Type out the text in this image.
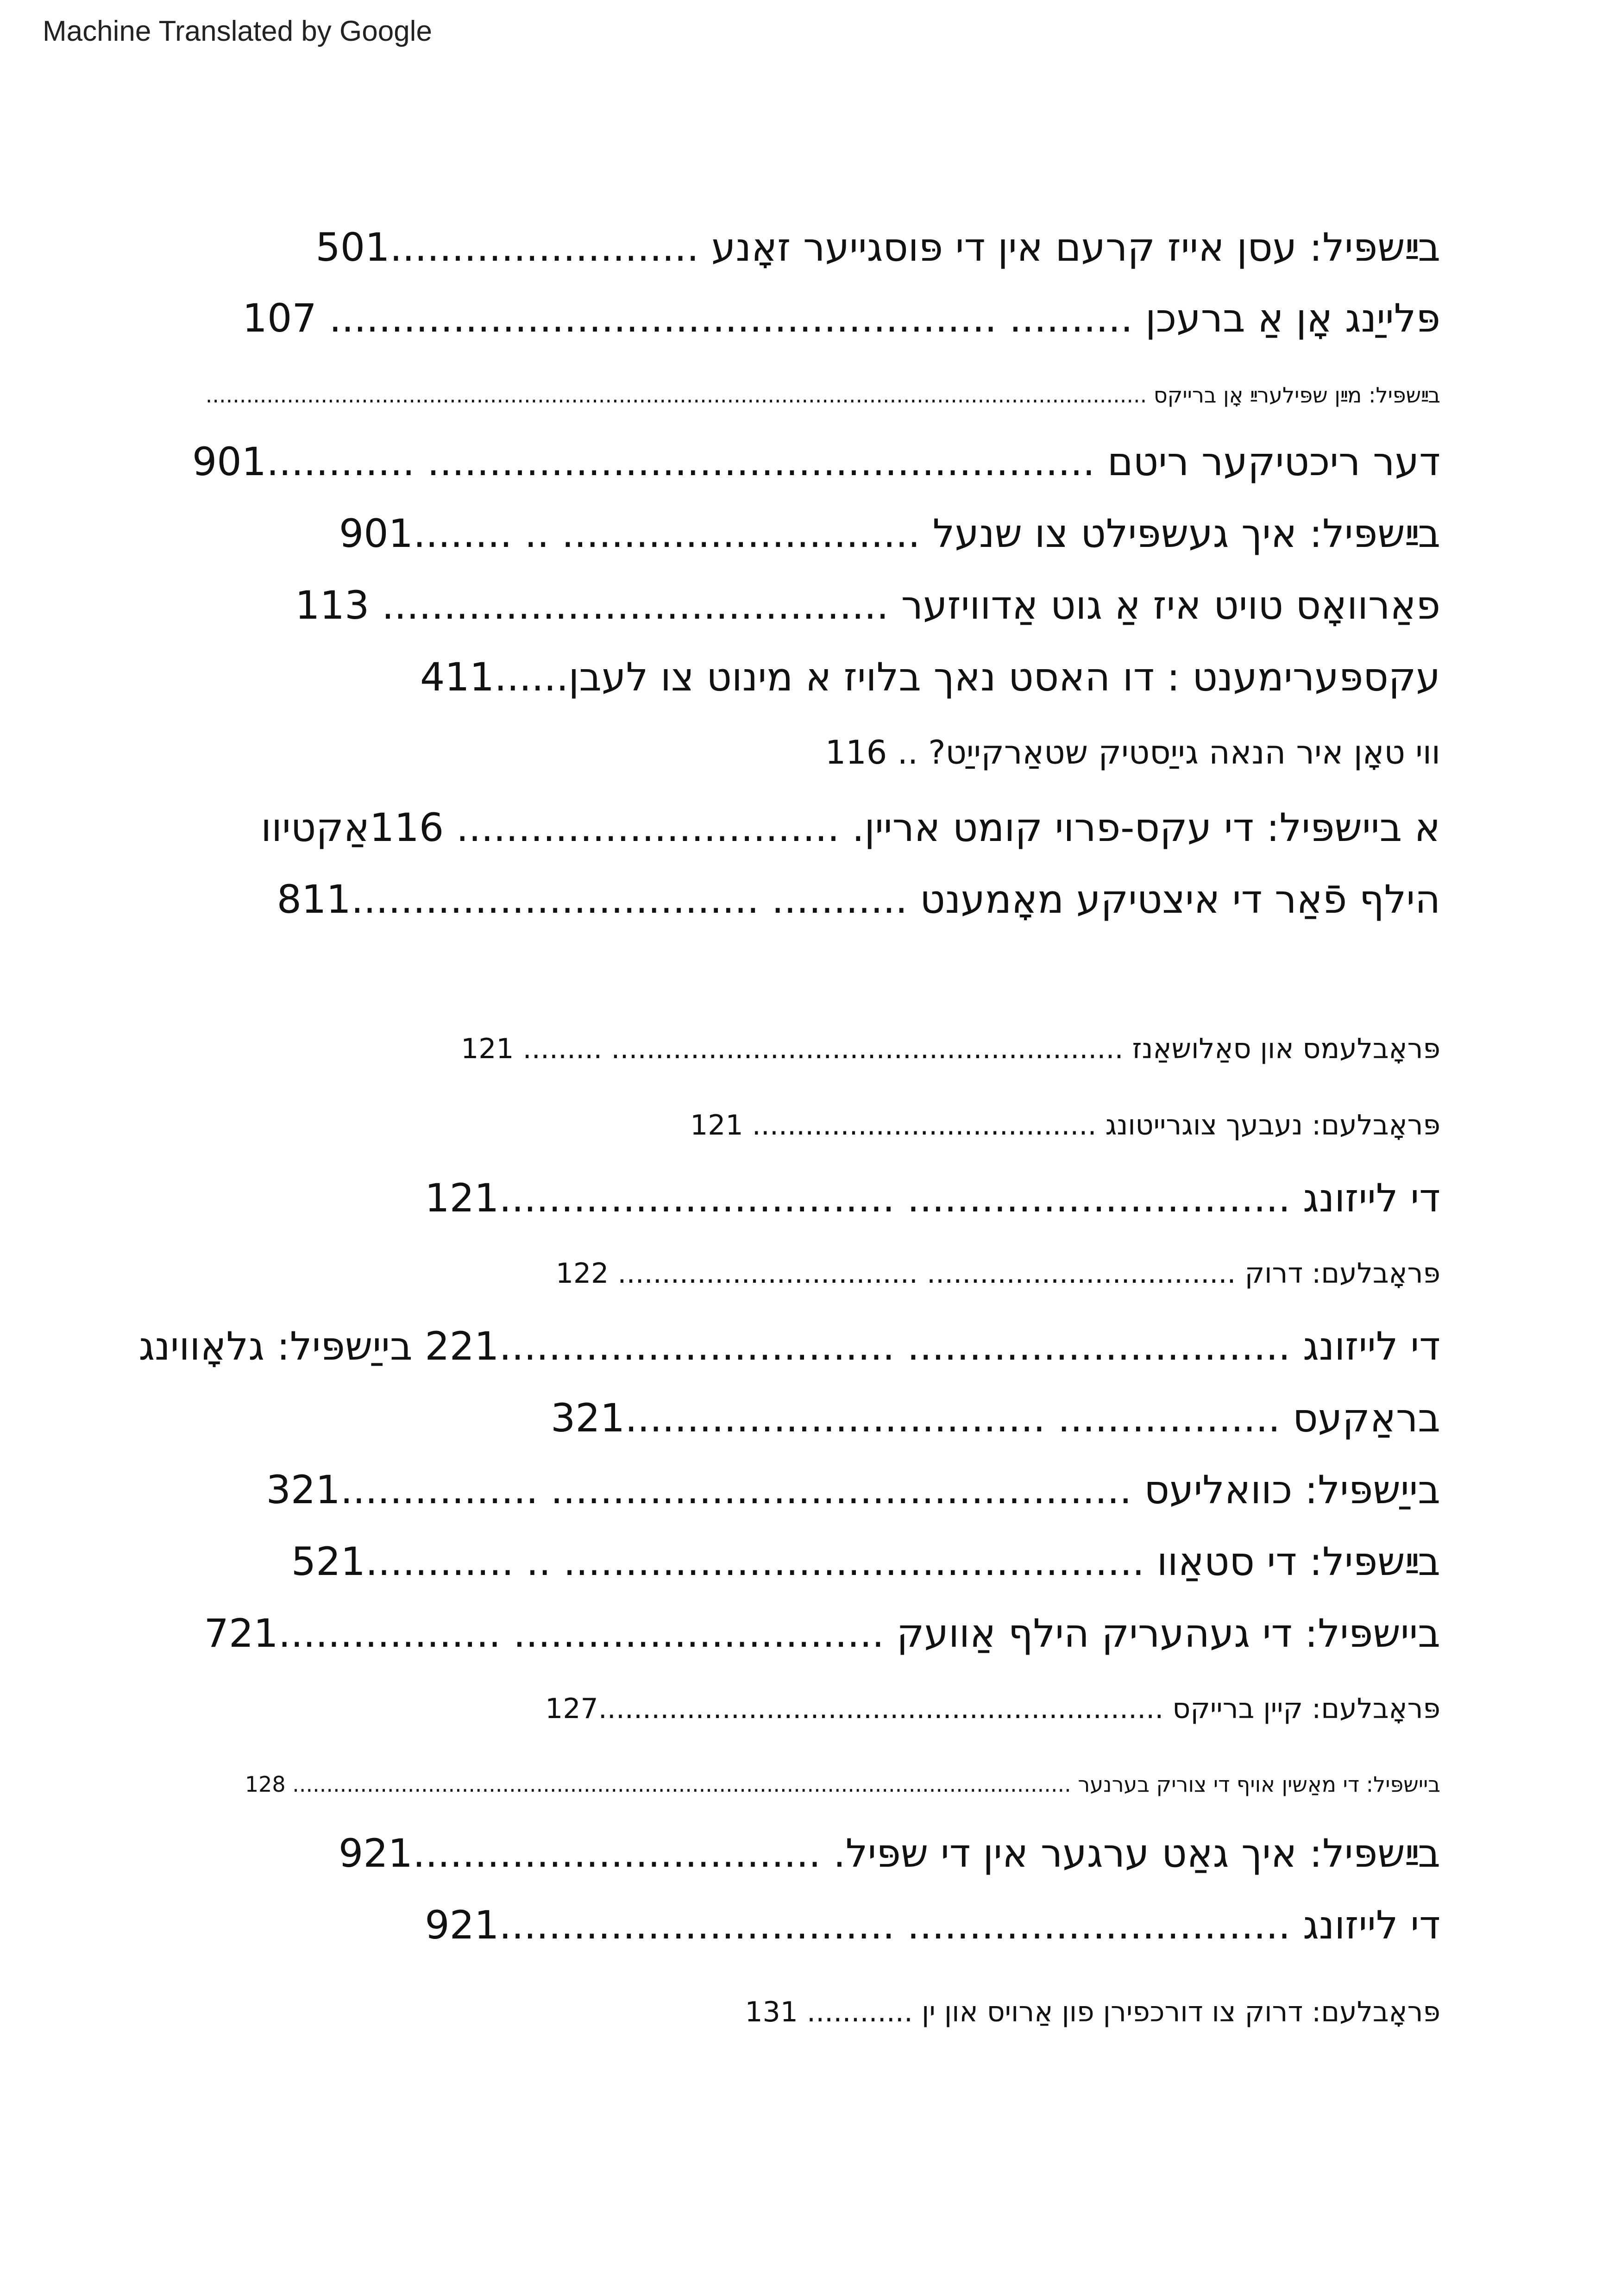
Machine Translated by Google
בײַשפּיל: עסן אייז קרעם אין די פּוסגייער זאָנע .........................501
פּלייַנג אָן אַ ברעכן .......... ...................................................... 107
בײַשפּיל: מײַן שפּילערײַ אָן ברייקס ...........................................................................................................................................
דער ריכטיקער ריטם ...................................................... ............901
בײַשפּיל: איך געשפּילט צו שנעל ............................. .. ........901
פאַרוואָס טויט איז אַ גוט אַדוויזער ......................................... 113
עקספּערימענט : דו האסט נאך בלויז א מינוט צו לעבן......411
ווי טאָן איר הנאה גייַסטיק שטאַרקייַט? .. 116
א ביישפּיל: די עקס-פרוי קומט אריין. ............................... 116אַקטיוו
הילף פֿאַר די איצטיקע מאָמענט ........... .................................811
פּראָבלעמס און סאַלושאַנז .......................................................... ......... 121
פּראָבלעם: נעבעך צוגרייטונג ....................................... 121
די לייזונג ............................... ................................121
פּראָבלעם: דרוק ................................... .................................. 122
די לייזונג ............................... ................................221 בייַשפּיל: גלאָווינג
בראַקעס .................. ..................................321
בייַשפּיל: כוואליעס ............................................... ................321
בײַשפּיל: די סטאַוו ............................................... .. ............521
ביישפּיל: די געהעריק הילף אַוועק .............................. ..................721
פּראָבלעם: קיין ברייקס ................................................................127
ביישפּיל: די מאַשין אויף די צוריק בערנער ................................................................................................................... 128
בײַשפּיל: איך גאַט ערגער אין די שפּיל. .................................921
די לייזונג ............................... ................................921
פּראָבלעם: דרוק צו דורכפירן פון אַרויס און ין ............ 131
